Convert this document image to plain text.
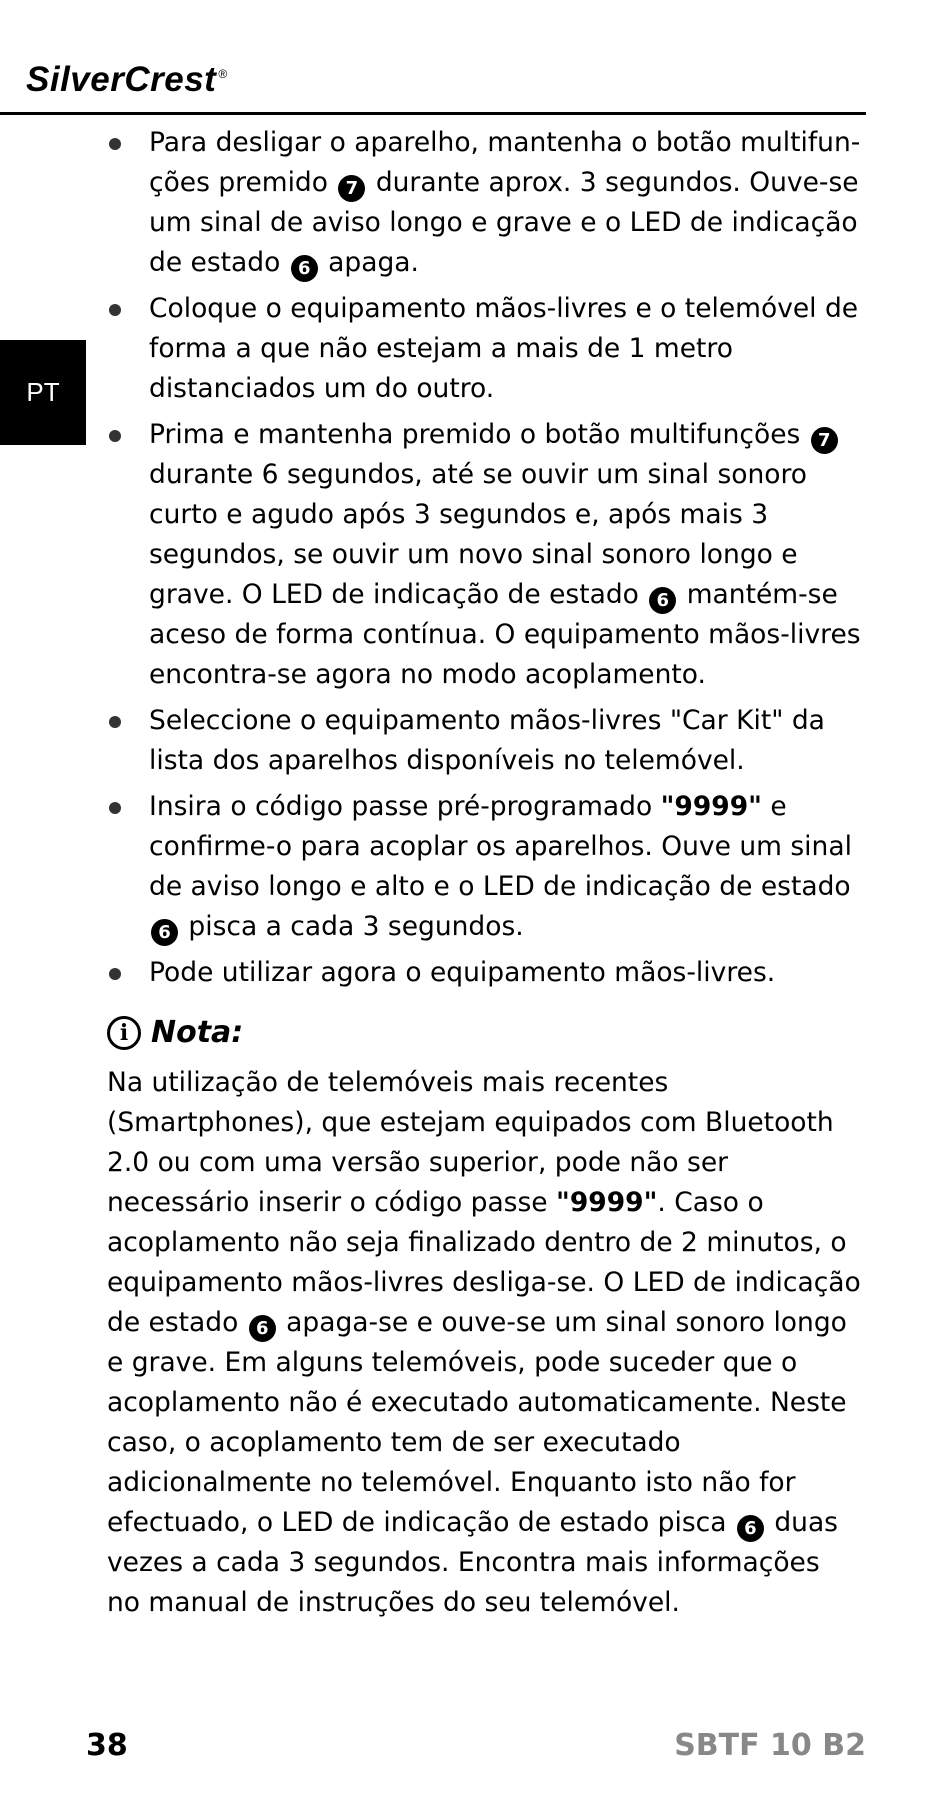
SilverCrest ®
PT
Para desligar o aparelho, mantenha o botão multifunções premido 7 durante aprox. 3 segundos. Ouve-se um sinal de aviso longo e grave e o LED de indicação de estado 6 apaga.
Coloque o equipamento mãos-livres e o telemóvel de forma a que não estejam a mais de 1 metro distanciados um do outro.
Prima e mantenha premido o botão multifunções 7 durante 6 segundos, até se ouvir um sinal sonoro curto e agudo após 3 segundos e, após mais 3 segundos, se ouvir um novo sinal sonoro longo e grave. O LED de indicação de estado 6 mantém-se aceso de forma contínua. O equipamento mãos-livres encontra-se agora no modo acoplamento.
Seleccione o equipamento mãos-livres "Car Kit" da lista dos aparelhos disponíveis no telemóvel.
Insira o código passe pré-programado "9999" e confirme-o para acoplar os aparelhos. Ouve um sinal de aviso longo e alto e o LED de indicação de estado 6 pisca a cada 3 segundos.
Pode utilizar agora o equipamento mãos-livres.
i Nota:

Na utilização de telemóveis mais recentes (Smartphones), que estejam equipados com Bluetooth 2.0 ou com uma versão superior, pode não ser necessário inserir o código passe "9999". Caso o acoplamento não seja finalizado dentro de 2 minutos, o equipamento mãos-livres desliga-se. O LED de indicação de estado 6 apaga-se e ouve-se um sinal sonoro longo e grave. Em alguns telemóveis, pode suceder que o acoplamento não é executado automaticamente. Neste caso, o acoplamento tem de ser executado adicionalmente no telemóvel. Enquanto isto não for efectuado, o LED de indicação de estado pisca 6 duas vezes a cada 3 segundos. Encontra mais informações no manual de instruções do seu telemóvel.

38	SBTF 10 B2
